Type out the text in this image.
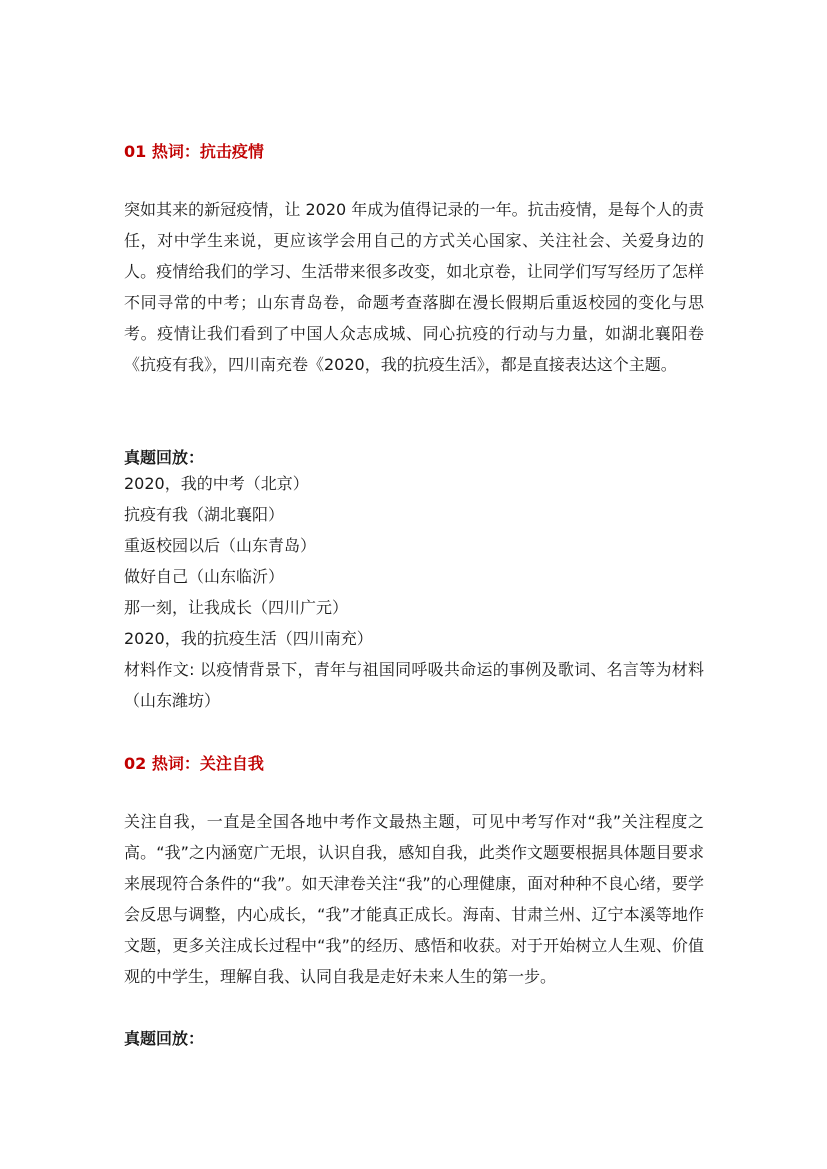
01 热词：抗击疫情
突如其来的新冠疫情，让 2020 年成为值得记录的一年。抗击疫情，是每个人的责任，对中学生来说，更应该学会用自己的方式关心国家、关注社会、关爱身边的人。疫情给我们的学习、生活带来很多改变，如北京卷，让同学们写写经历了怎样不同寻常的中考；山东青岛卷，命题考查落脚在漫长假期后重返校园的变化与思考。疫情让我们看到了中国人众志成城、同心抗疫的行动与力量，如湖北襄阳卷《抗疫有我》，四川南充卷《2020，我的抗疫生活》，都是直接表达这个主题。
真题回放：
2020，我的中考（北京）
抗疫有我（湖北襄阳）
重返校园以后（山东青岛）
做好自己（山东临沂）
那一刻，让我成长（四川广元）
2020，我的抗疫生活（四川南充）
材料作文: 以疫情背景下，青年与祖国同呼吸共命运的事例及歌词、名言等为材料（山东潍坊）
02 热词：关注自我
关注自我，一直是全国各地中考作文最热主题，可见中考写作对“我”关注程度之高。“我”之内涵宽广无垠，认识自我，感知自我，此类作文题要根据具体题目要求来展现符合条件的“我”。如天津卷关注“我”的心理健康，面对种种不良心绪，要学会反思与调整，内心成长，“我”才能真正成长。海南、甘肃兰州、辽宁本溪等地作文题，更多关注成长过程中“我”的经历、感悟和收获。对于开始树立人生观、价值观的中学生，理解自我、认同自我是走好未来人生的第一步。
真题回放：
